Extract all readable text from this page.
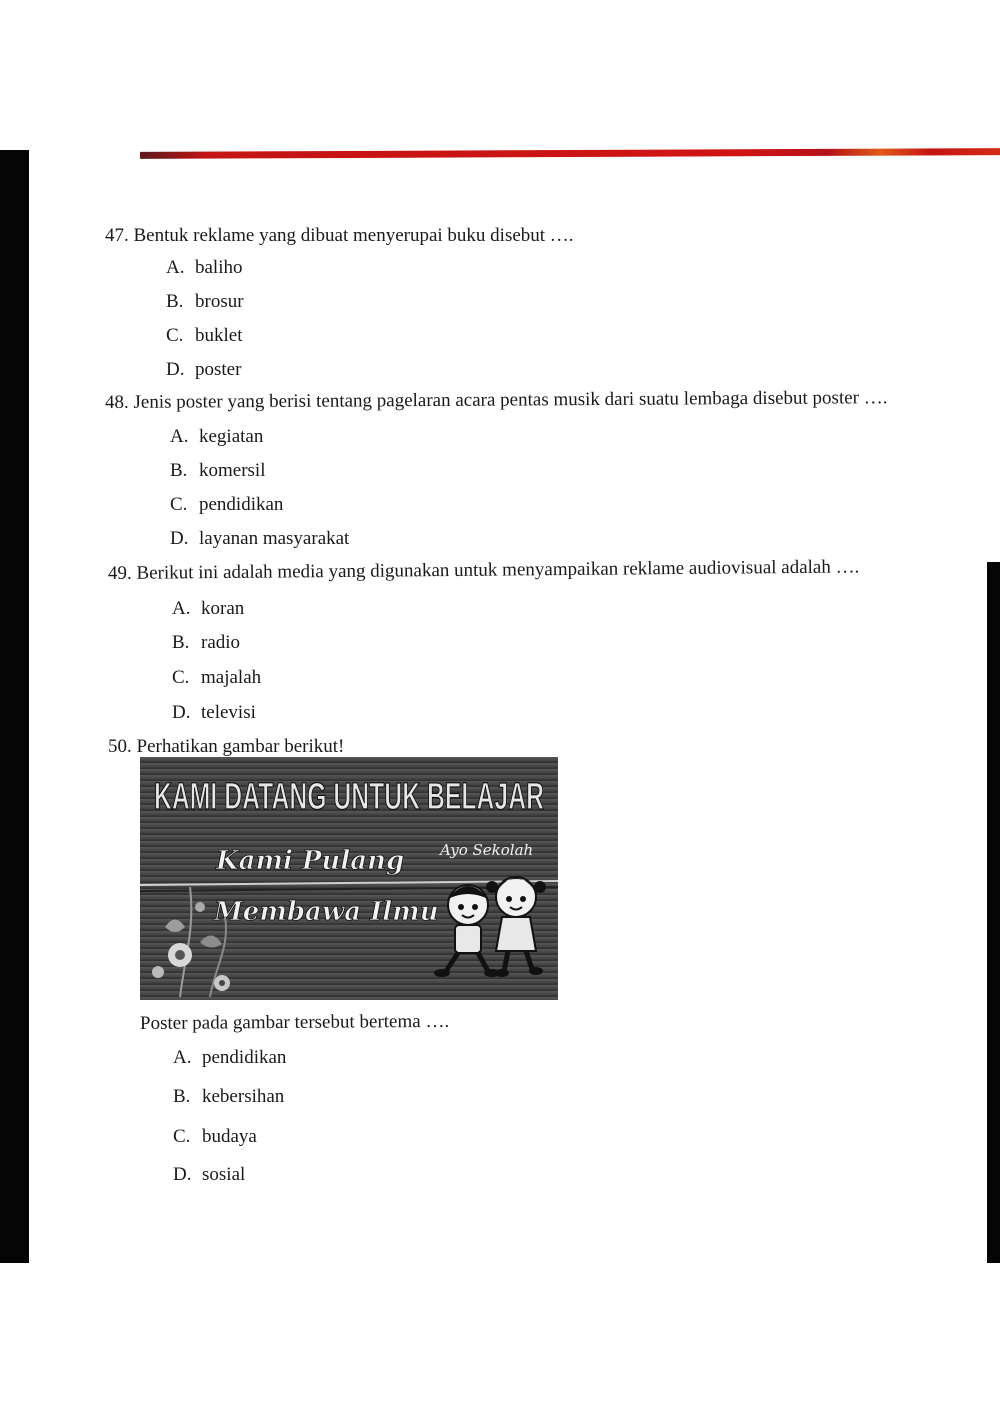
47. Bentuk reklame yang dibuat menyerupai buku disebut ….
A. baliho
B. brosur
C. buklet
D. poster
48. Jenis poster yang berisi tentang pagelaran acara pentas musik dari suatu lembaga disebut poster ….
A. kegiatan
B. komersil
C. pendidikan
D. layanan masyarakat
49. Berikut ini adalah media yang digunakan untuk menyampaikan reklame audiovisual adalah ….
A. koran
B. radio
C. majalah
D. televisi
50. Perhatikan gambar berikut!
KAMI DATANG UNTUK BELAJAR
Kami Pulang Ayo Sekolah
Membawa Ilmu
Poster pada gambar tersebut bertema ….
A. pendidikan
B. kebersihan
C. budaya
D. sosial
